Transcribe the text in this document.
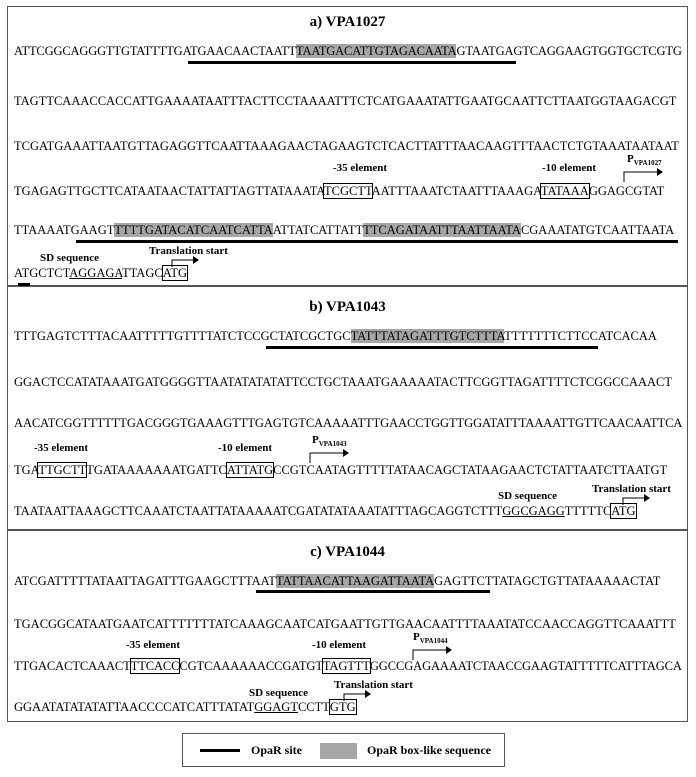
a) VPA1027
ATTCGGCAGGGTTGTATTTTGATGAACAACTAATTTAATGACATTGTAGACAATAGTAATGAGTCAGGAAGTGGTGCTCGTG
TAGTTCAAACCACCATTGAAAATAATTTACTTCCTAAAATTTCTCATGAAATATTGAATGCAATTCTTAATGGTAAGACGT
TCGATGAAATTAATGTTAGAGGTTCAATTAAAGAACTAGAAGTCTCACTTATTTAACAAGTTTAACTCTGTAAATAATAAT
-35 element	-10 element
$P_{VPA1027}$
TGAGAGTTGCTTCATAATAACTATTATTAGTTATAAATATCGCTTAATTTAAATCTAATTTAAAGATATAAAGGAGCGTAT
TTAAAATGAAGTTTTTGATACATCAATCATTAATTATCATTATTTTCAGATAATTTAATTAATACGAAATATGTCAATTAATA
SD sequence
Translation start
ATGCTCTAGGAGATTAGCATG
b) VPA1043
TTTGAGTCTTTACAATTTTTGTTTTATCTCCGCTATCGCTGCTATTTATAGATTTGTCTTTATTTTTTTCTTCCATCACAA
GGACTCCATATAAATGATGGGGTTAATATATATATTCCTGCTAAATGAAAAATACTTCGGTTAGATTTTCTCGGCCAAACT
AACATCGGTTTTTTGACGGGTGAAAGTTTGAGTGTCAAAAATTTGAACCTGGTTGGATATTTAAAATTGTTCAACAATTCA
-35 element	-10 element
$P_{VPA1043}$
TGATTGCTTTGATAAAAAAATGATTCATTATGCCGTCAATAGTTTTTATAACAGCTATAAGAACTCTATTAATCTTAATGT
SD sequence
Translation start
TAATAATTAAAGCTTCAAATCTAATTATAAAAATCGATATATAAATATTTAGCAGGTCTTTGGCGAGGTTTTTCATG
c) VPA1044
ATCGATTTTTATAATTAGATTTGAAGCTTTAATTATTAACATTAAGATTAATAGAGTTCTTATAGCTGTTATAAAAACTAT
TGACGGCATAATGAATCATTTTTTTATCAAAGCAATCATGAATTGTTGAACAATTTTAAATATCCAACCAGGTTCAAATTT
-35 element	-10 element
$P_{VPA1044}$
TTGACACTCAAACTTTCACCCGTCAAAAAACCGATGTTAGTTTGGCCGAGAAAATCTAACCGAAGTATTTTTCATTTAGCA
SD sequence
Translation start
GGAATATATATATTAACCCCATCATTTATATGGAGTCCTTGTG
OpaR site	OpaR box-like sequence
